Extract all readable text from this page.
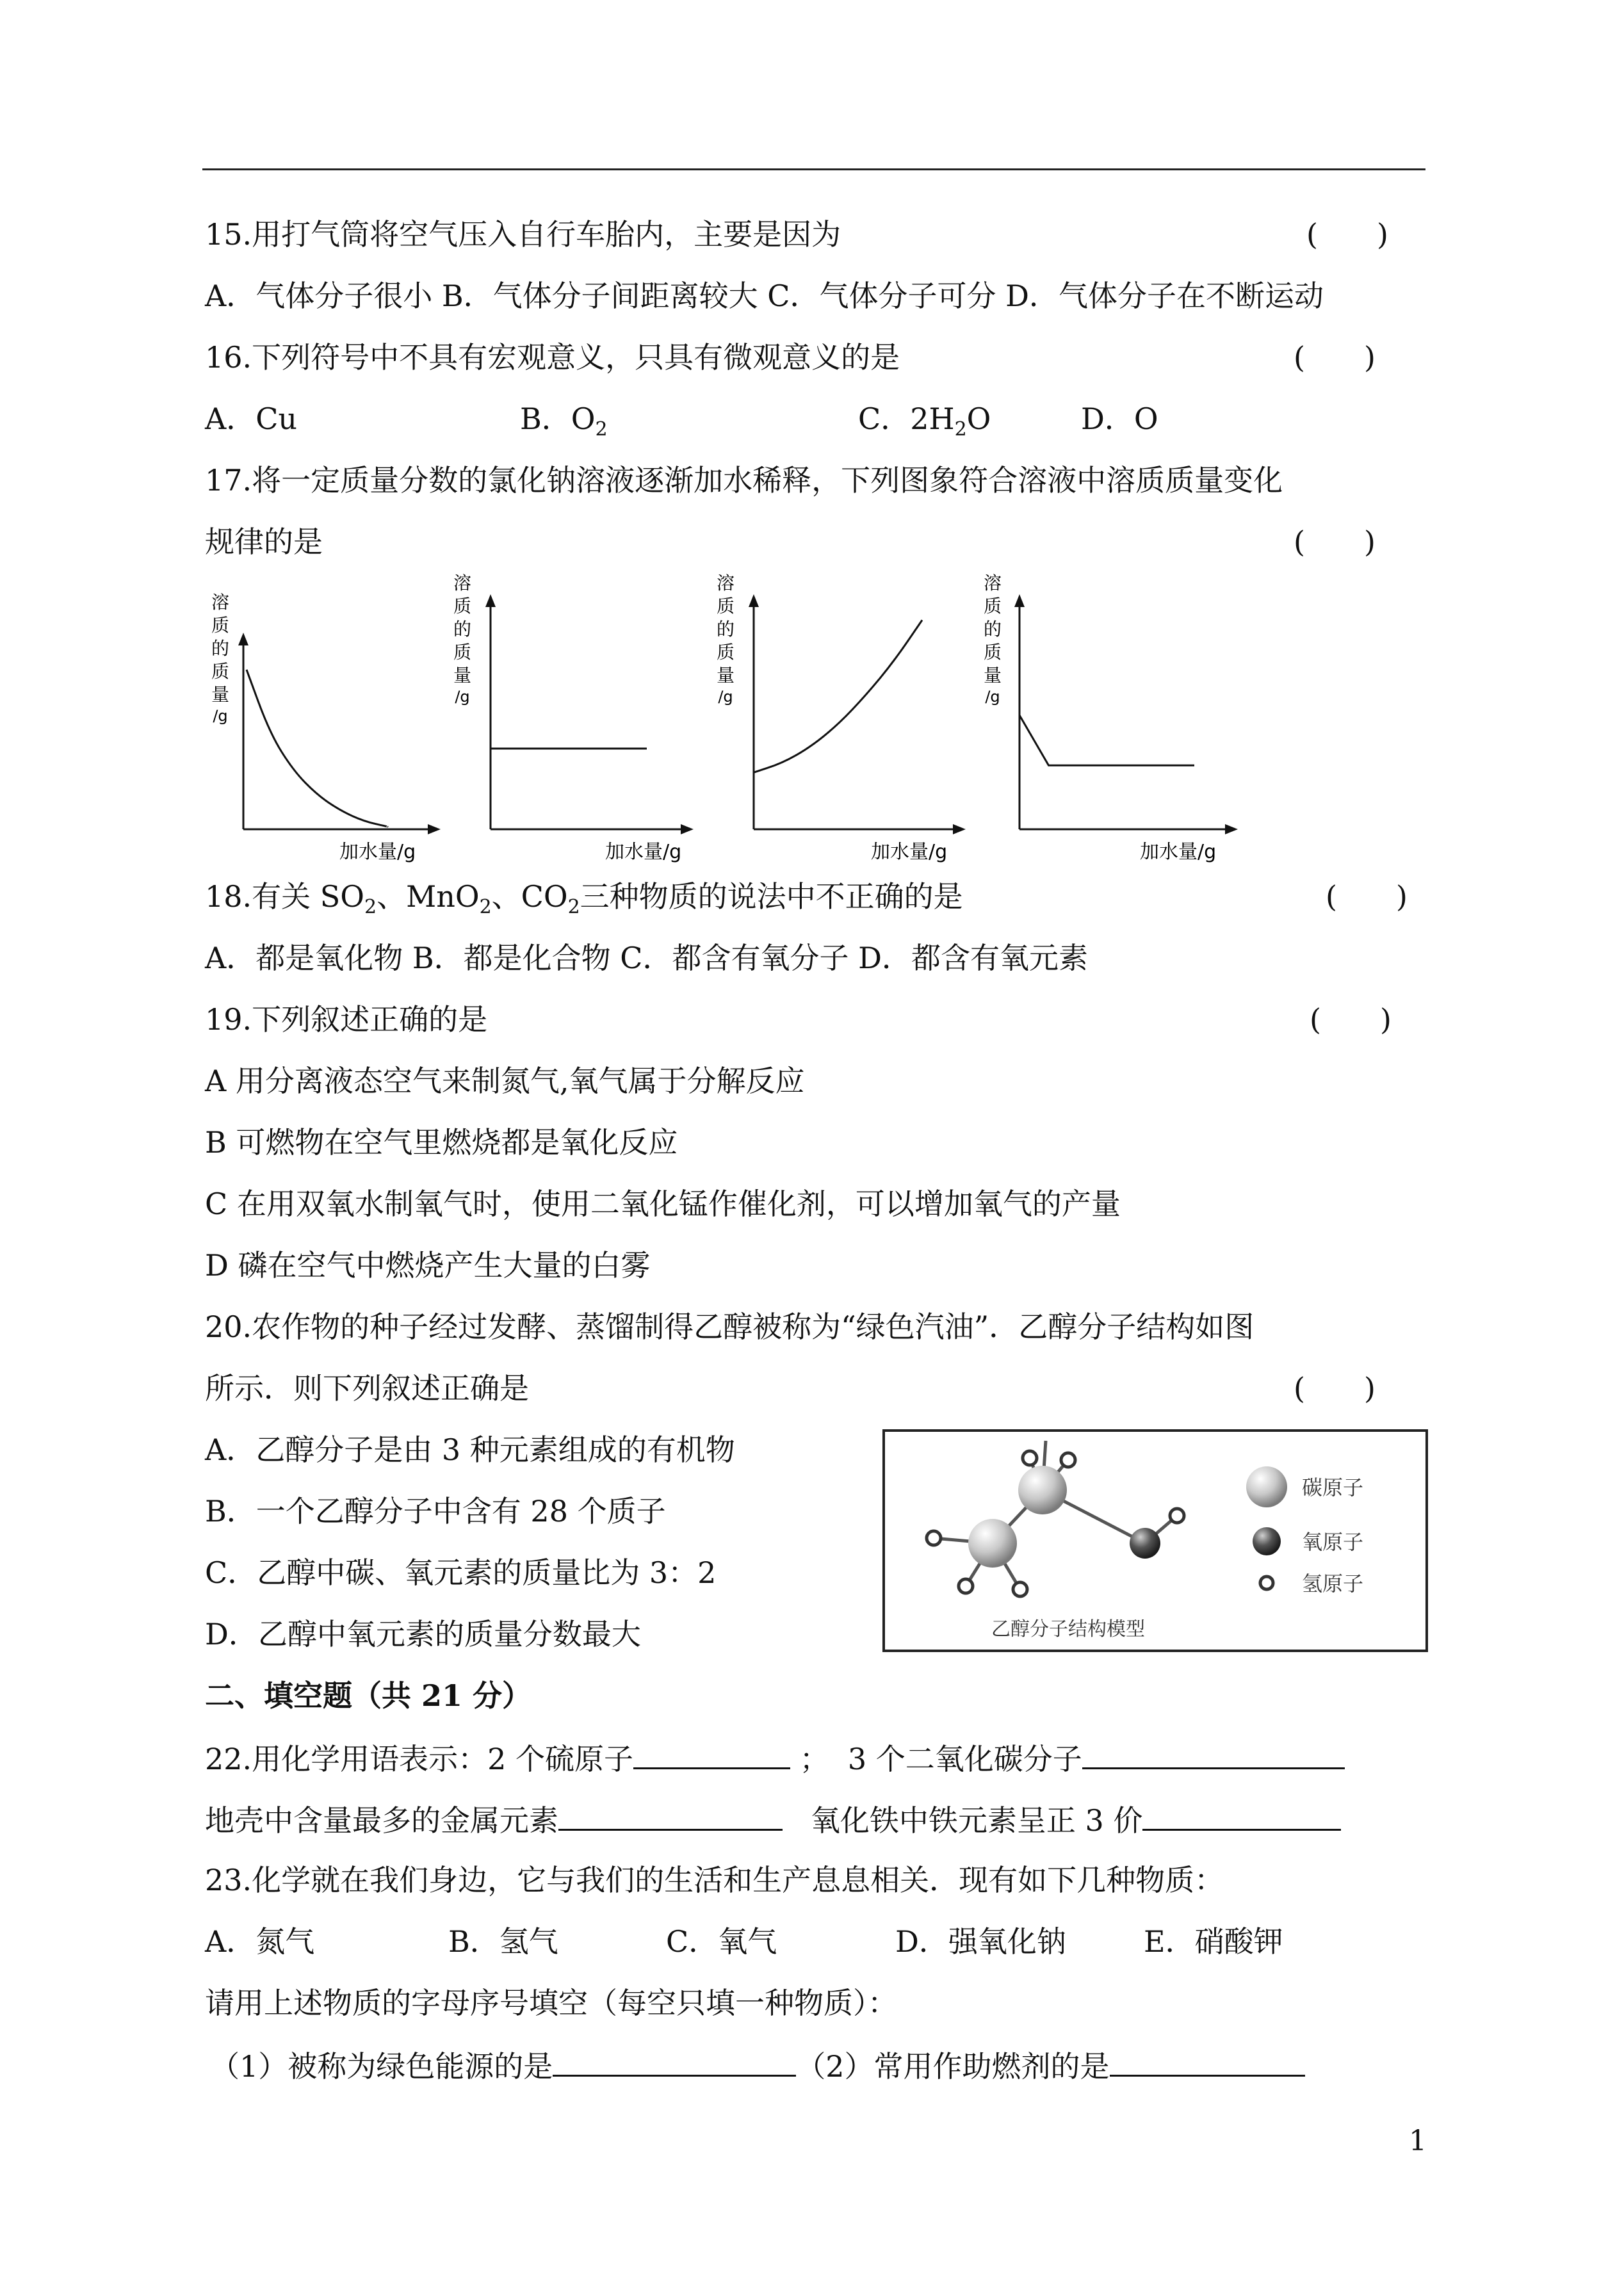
15.用打气筒将空气压入自行车胎内，主要是因为	(　　)
A．气体分子很小 B．气体分子间距离较大 C．气体分子可分 D．气体分子在不断运动
16.下列符号中不具有宏观意义，只具有微观意义的是	(　　)
A．Cu	B．$O_2$	C．$2H_2O$	D．O
17.将一定质量分数的氯化钠溶液逐渐加水稀释，下列图象符合溶液中溶质质量变化
规律的是	(　　)
溶
质
的
质
量
/g
加水量/g
溶
质
的
质
量
/g
加水量/g
溶
质
的
质
量
/g
加水量/g
溶
质
的
质
量
/g
加水量/g
18.有关 $SO_2$、MnO$_2$、$CO_2$三种物质的说法中不正确的是	(　　)
A．都是氧化物 B．都是化合物 C．都含有氧分子 D．都含有氧元素
19.下列叙述正确的是	(　　)
A 用分离液态空气来制氮气,氧气属于分解反应
B 可燃物在空气里燃烧都是氧化反应
C 在用双氧水制氧气时，使用二氧化锰作催化剂，可以增加氧气的产量
D 磷在空气中燃烧产生大量的白雾
20.农作物的种子经过发酵、蒸馏制得乙醇被称为“绿色汽油”．乙醇分子结构如图
所示．则下列叙述正确是	(　　)
A．乙醇分子是由 3 种元素组成的有机物
B．一个乙醇分子中含有 28 个质子
C．乙醇中碳、氧元素的质量比为 3：2
D．乙醇中氧元素的质量分数最大
碳原子
氧原子
氢原子
乙醇分子结构模型
二、填空题（共 21 分）
22.用化学用语表示：2 个硫原子	； 3 个二氧化碳分子
地壳中含量最多的金属元素	氧化铁中铁元素呈正 3 价
23.化学就在我们身边，它与我们的生活和生产息息相关．现有如下几种物质：
A．氮气	B．氢气	C．氧气	D．强氧化钠	E．硝酸钾
请用上述物质的字母序号填空（每空只填一种物质）：
（1）被称为绿色能源的是	（2）常用作助燃剂的是
1
